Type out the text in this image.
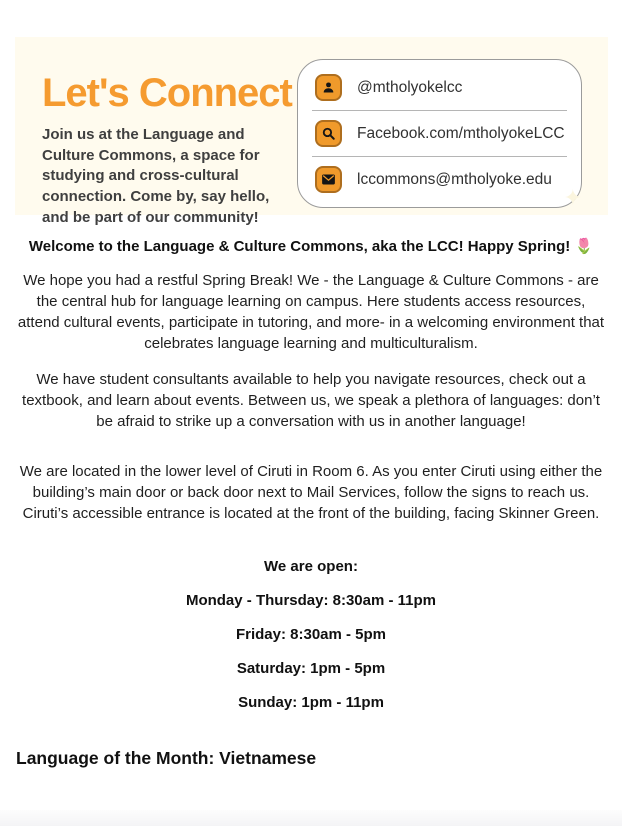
Let's Connect

Join us at the Language and Culture Commons, a space for studying and cross-cultural connection. Come by, say hello, and be part of our community!

@mtholyokelcc
Facebook.com/mtholyokeLCC
lccommons@mtholyoke.edu
✦
Welcome to the Language & Culture Commons, aka the LCC! Happy Spring! 🌷

We hope you had a restful Spring Break! We - the Language & Culture Commons - are the central hub for language learning on campus. Here students access resources, attend cultural events, participate in tutoring, and more- in a welcoming environment that celebrates language learning and multiculturalism.

We have student consultants available to help you navigate resources, check out a textbook, and learn about events. Between us, we speak a plethora of languages: don’t be afraid to strike up a conversation with us in another language!

We are located in the lower level of Ciruti in Room 6. As you enter Ciruti using either the building’s main door or back door next to Mail Services, follow the signs to reach us. Ciruti’s accessible entrance is located at the front of the building, facing Skinner Green.

We are open:

Monday - Thursday: 8:30am - 11pm

Friday: 8:30am - 5pm

Saturday: 1pm - 5pm

Sunday: 1pm - 11pm

Language of the Month: Vietnamese
